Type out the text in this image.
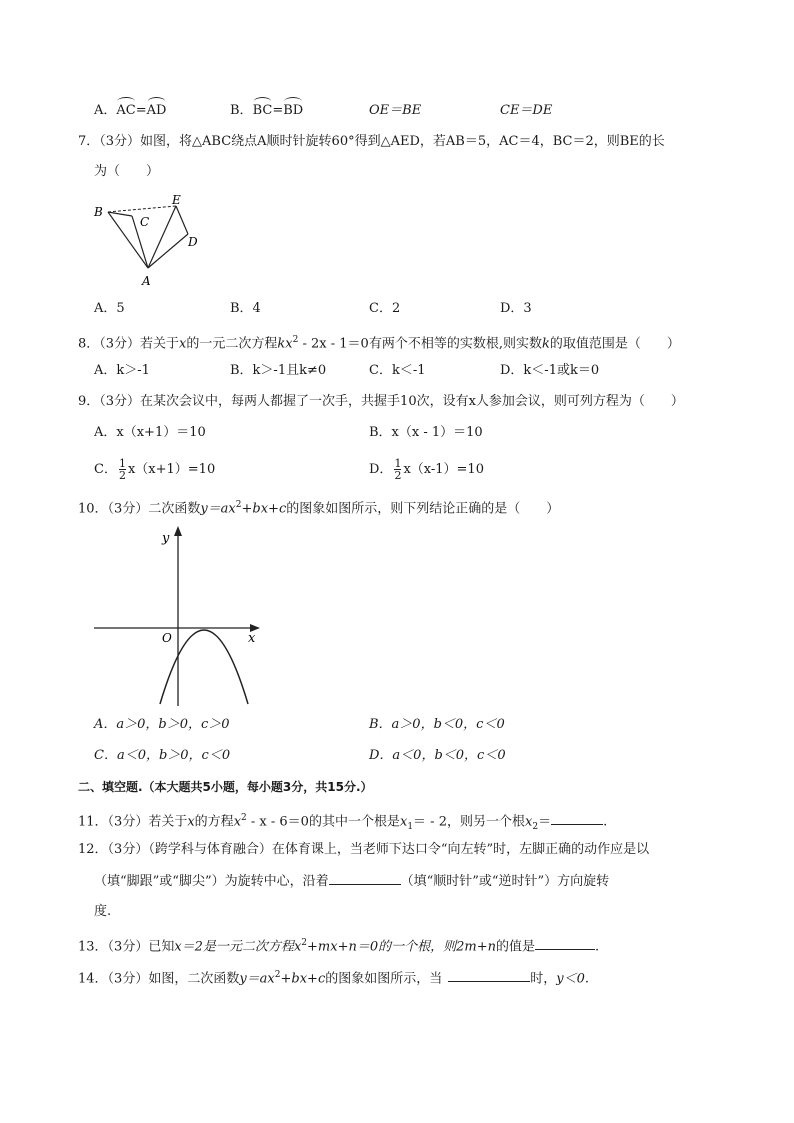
A．AC=AD	B．BC=BD	OE＝BE	CE＝DE
7．（3分）如图，将△ABC绕点A顺时针旋转60°得到△AED，若AB＝5，AC＝4，BC＝2，则BE的长
为（　　）
B
C
E
D
A
A．5	B．4	C．2	D．3
8．（3分）若关于x的一元二次方程$kx^2 - 2x - 1=0$有两个不相等的实数根,则实数k的取值范围是（　　）
A．k＞-1	B．k＞-1且k≠0	C．k＜-1	D．k＜-1或k＝0
9．（3分）在某次会议中，每两人都握了一次手，共握手10次，设有x人参加会议，则可列方程为（　　）
A．x（x+1）＝10	B．x（x - 1）＝10
C． $\frac{1}{2} x(x+1)=10$	D． $\frac{1}{2} x(x-1)=10$
10．（3分）二次函数$y=ax^2+bx+c$的图象如图所示，则下列结论正确的是（　　）
y
x
O
A．a＞0，b＞0，c＞0	B．a＞0，b＜0，c＜0
C．a＜0，b＞0，c＜0	D．a＜0，b＜0，c＜0
二、填空题.（本大题共5小题，每小题3分，共15分.）
11．（3分）若关于x的方程$x^2 - x - 6=0$的其中一个根是$x_1= - 2$，则另一个根$x_2=$	.
12．（3分）（跨学科与体育融合）在体育课上，当老师下达口令“向左转”时，左脚正确的动作应是以
（填“脚跟”或“脚尖”）为旋转中心，沿着	（填“顺时针”或“逆时针”）方向旋转
度.
13．（3分）已知x＝2是一元二次方程$x^2+mx+n=0$的一个根，则2m+n的值是	.
14．（3分）如图，二次函数$y=ax^2+bx+c$的图象如图所示，当	时，y＜0.
